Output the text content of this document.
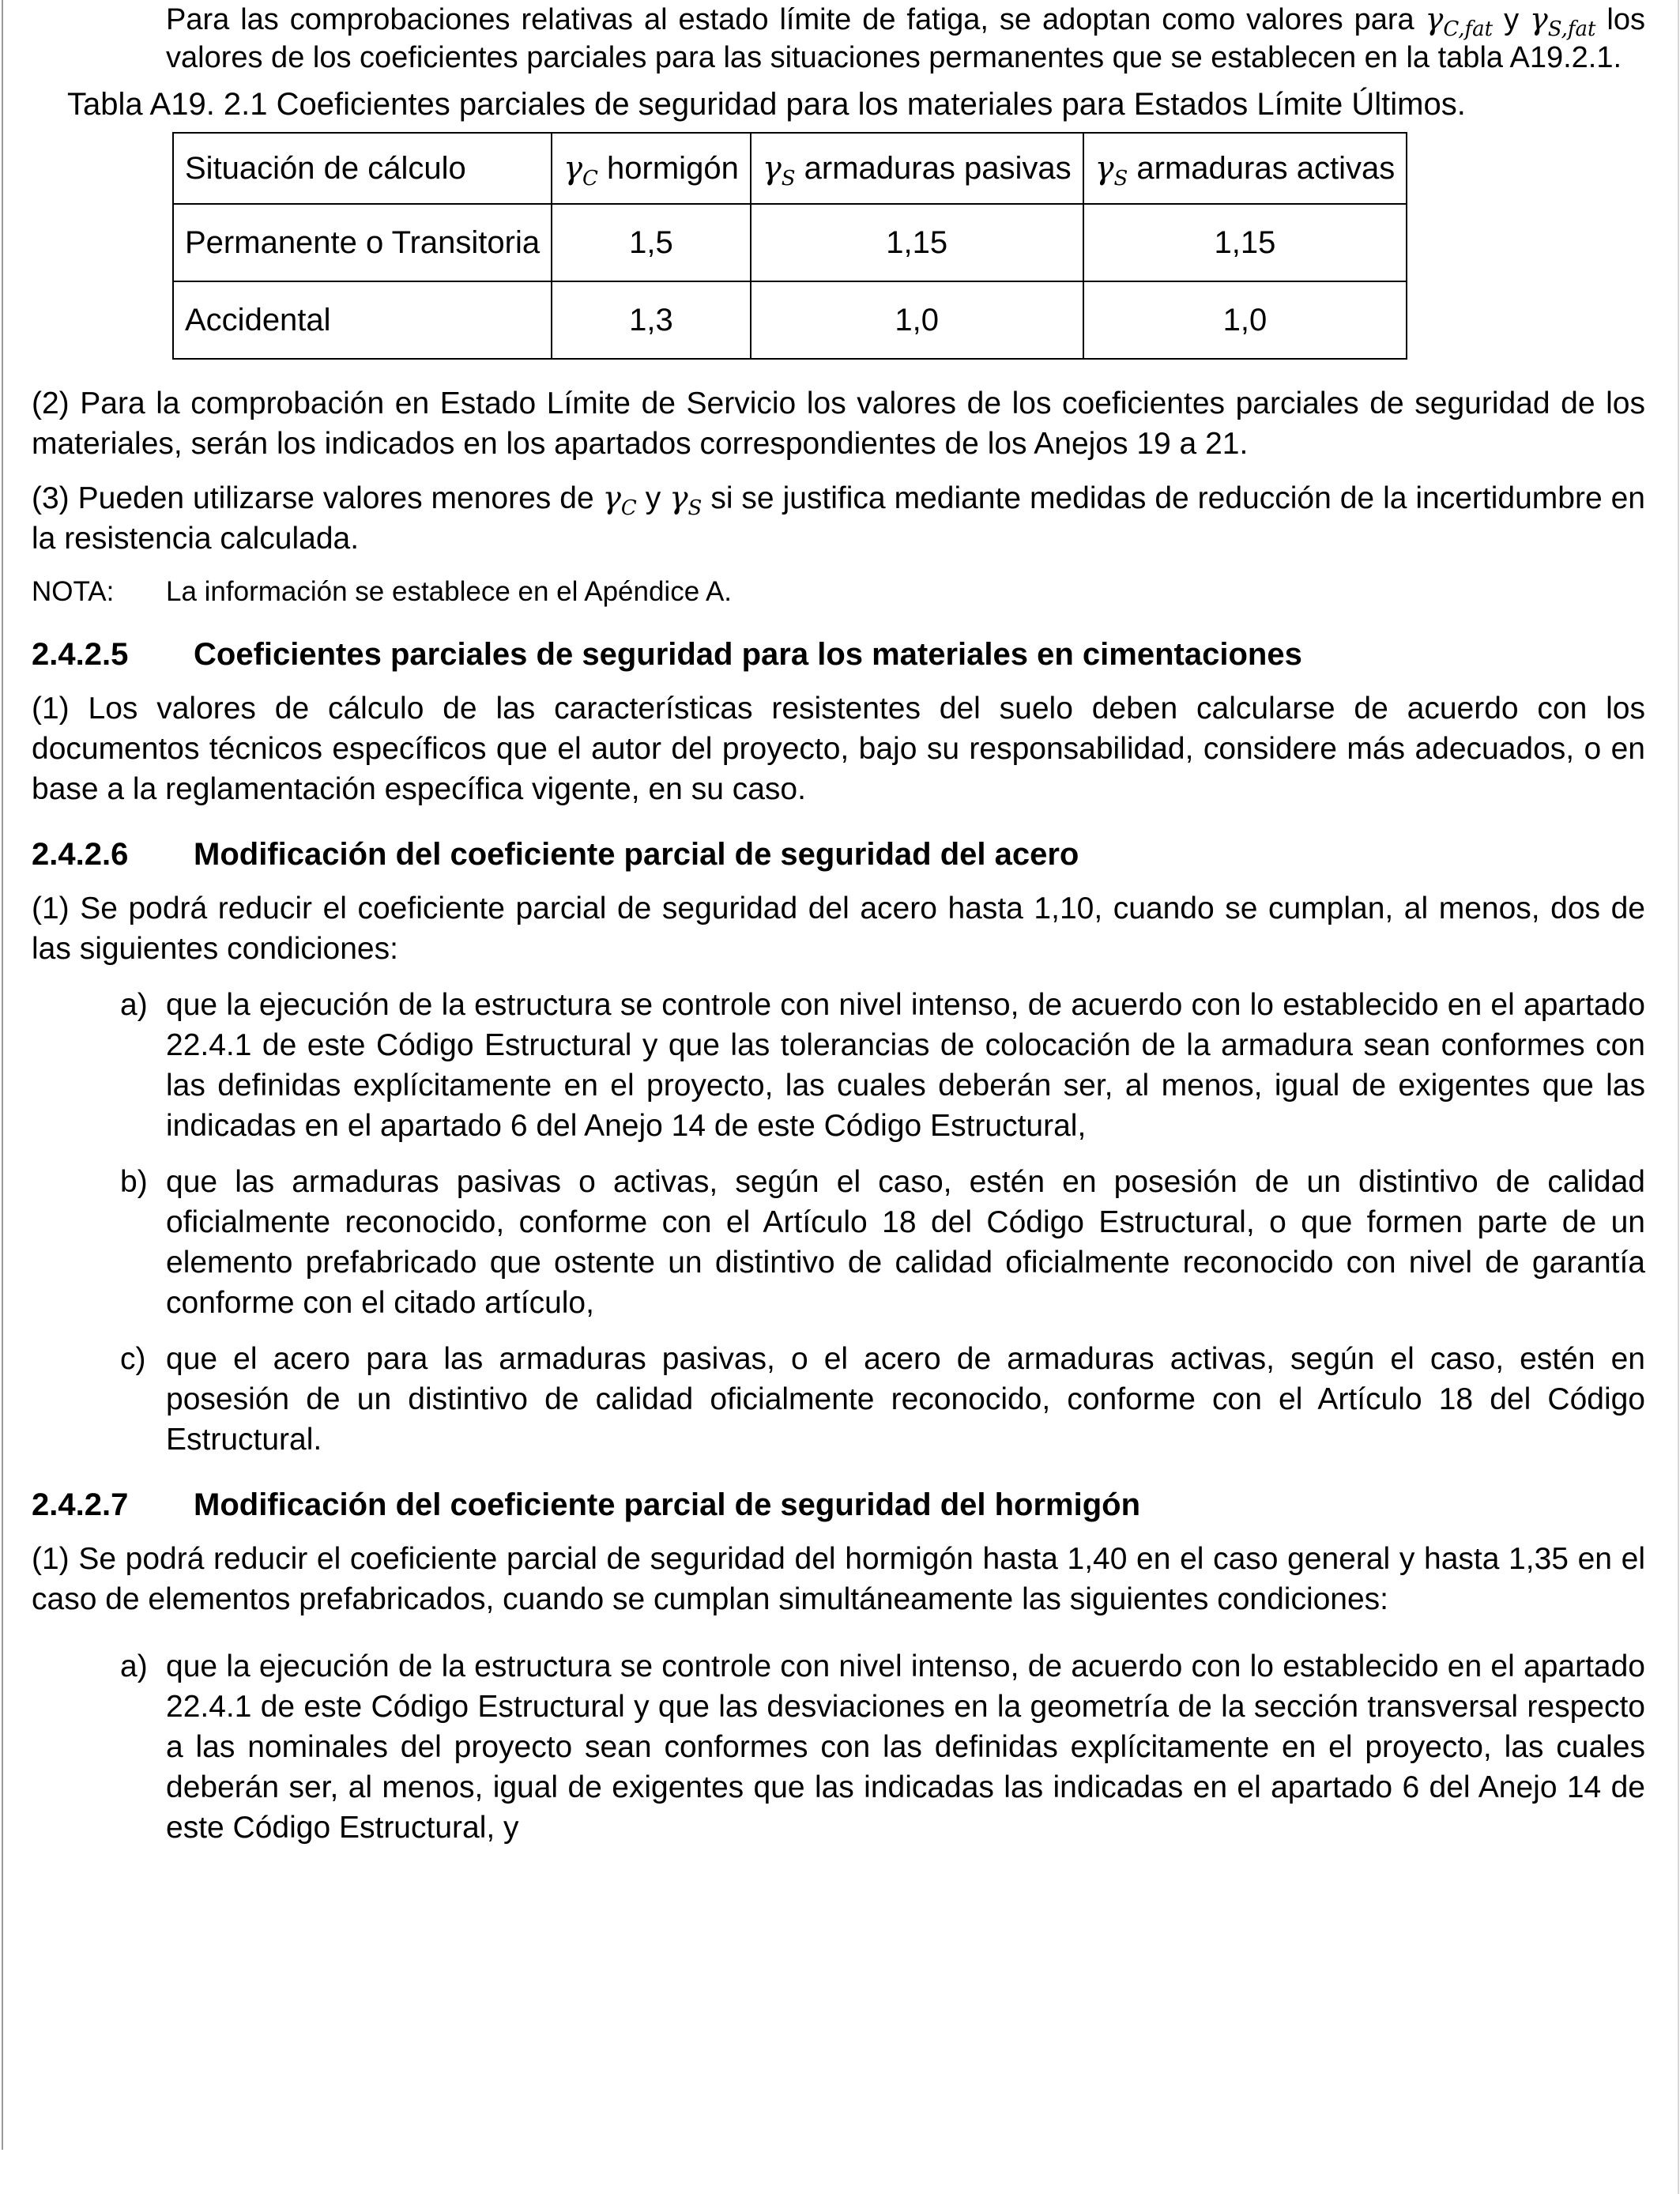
Para las comprobaciones relativas al estado límite de fatiga, se adoptan como valores para $\gamma_{C,fat}$ y $\gamma_{S,fat}$ los valores de los coeficientes parciales para las situaciones permanentes que se establecen en la tabla A19.2.1.

Tabla A19. 2.1 Coeficientes parciales de seguridad para los materiales para Estados Límite Últimos.

Situación de cálculo	$\gamma_C$ hormigón	$\gamma_S$ armaduras pasivas	$\gamma_S$ armaduras activas
Permanente o Transitoria	1,5	1,15	1,15
Accidental	1,3	1,0	1,0

(2) Para la comprobación en Estado Límite de Servicio los valores de los coeficientes parciales de seguridad de los materiales, serán los indicados en los apartados correspondientes de los Anejos 19 a 21.

(3) Pueden utilizarse valores menores de $\gamma_C$ y $\gamma_S$ si se justifica mediante medidas de reducción de la incertidumbre en la resistencia calculada.

NOTA:	La información se establece en el Apéndice A.

2.4.2.5	Coeficientes parciales de seguridad para los materiales en cimentaciones

(1) Los valores de cálculo de las características resistentes del suelo deben calcularse de acuerdo con los documentos técnicos específicos que el autor del proyecto, bajo su responsabilidad, considere más adecuados, o en base a la reglamentación específica vigente, en su caso.

2.4.2.6	Modificación del coeficiente parcial de seguridad del acero

(1) Se podrá reducir el coeficiente parcial de seguridad del acero hasta 1,10, cuando se cumplan, al menos, dos de las siguientes condiciones:

a) que la ejecución de la estructura se controle con nivel intenso, de acuerdo con lo establecido en el apartado 22.4.1 de este Código Estructural y que las tolerancias de colocación de la armadura sean conformes con las definidas explícitamente en el proyecto, las cuales deberán ser, al menos, igual de exigentes que las indicadas en el apartado 6 del Anejo 14 de este Código Estructural,
b) que las armaduras pasivas o activas, según el caso, estén en posesión de un distintivo de calidad oficialmente reconocido, conforme con el Artículo 18 del Código Estructural, o que formen parte de un elemento prefabricado que ostente un distintivo de calidad oficialmente reconocido con nivel de garantía conforme con el citado artículo,
c) que el acero para las armaduras pasivas, o el acero de armaduras activas, según el caso, estén en posesión de un distintivo de calidad oficialmente reconocido, conforme con el Artículo 18 del Código Estructural.
2.4.2.7	Modificación del coeficiente parcial de seguridad del hormigón

(1) Se podrá reducir el coeficiente parcial de seguridad del hormigón hasta 1,40 en el caso general y hasta 1,35 en el caso de elementos prefabricados, cuando se cumplan simultáneamente las siguientes condiciones:

a) que la ejecución de la estructura se controle con nivel intenso, de acuerdo con lo establecido en el apartado 22.4.1 de este Código Estructural y que las desviaciones en la geometría de la sección transversal respecto a las nominales del proyecto sean conformes con las definidas explícitamente en el proyecto, las cuales deberán ser, al menos, igual de exigentes que las indicadas las indicadas en el apartado 6 del Anejo 14 de este Código Estructural, y
